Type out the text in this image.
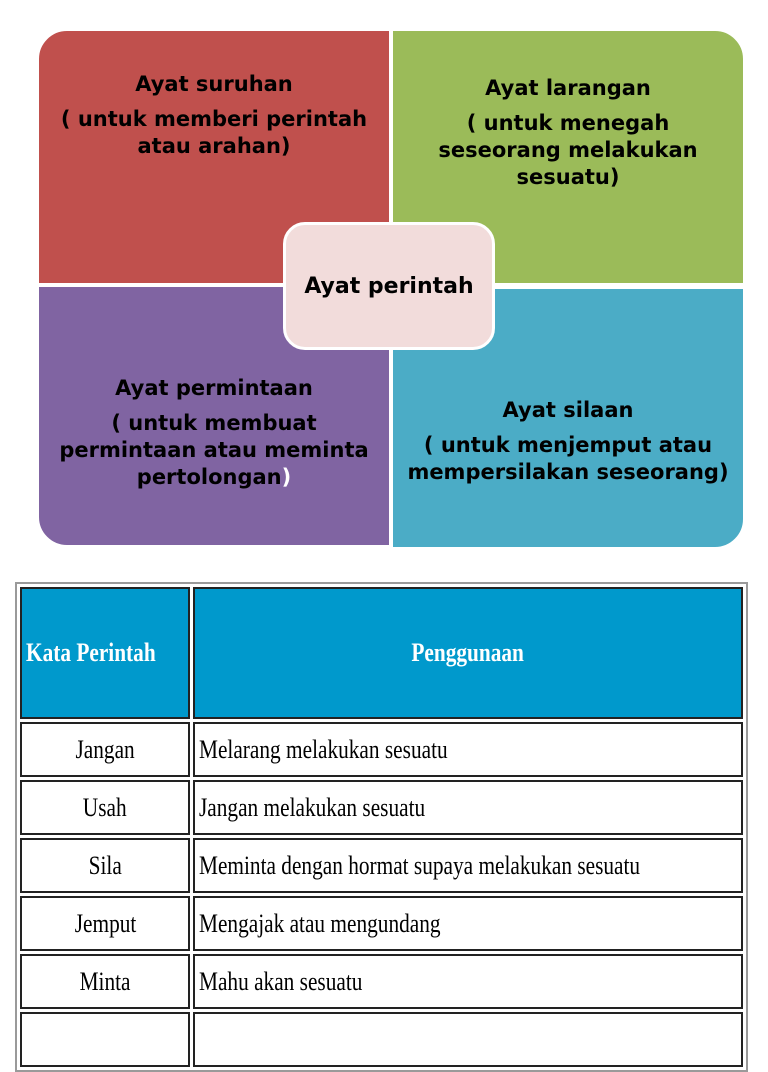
Ayat suruhan
( untuk memberi perintah atau arahan)
Ayat larangan
( untuk menegah seseorang melakukan sesuatu)
Ayat permintaan
( untuk membuat permintaan atau meminta pertolongan)
Ayat silaan
( untuk menjemput atau mempersilakan seseorang)
Ayat perintah
Kata Perintah	Penggunaan
Jangan	Melarang melakukan sesuatu
Usah	Jangan melakukan sesuatu
Sila	Meminta dengan hormat supaya melakukan sesuatu
Jemput	Mengajak atau mengundang
Minta	Mahu akan sesuatu
